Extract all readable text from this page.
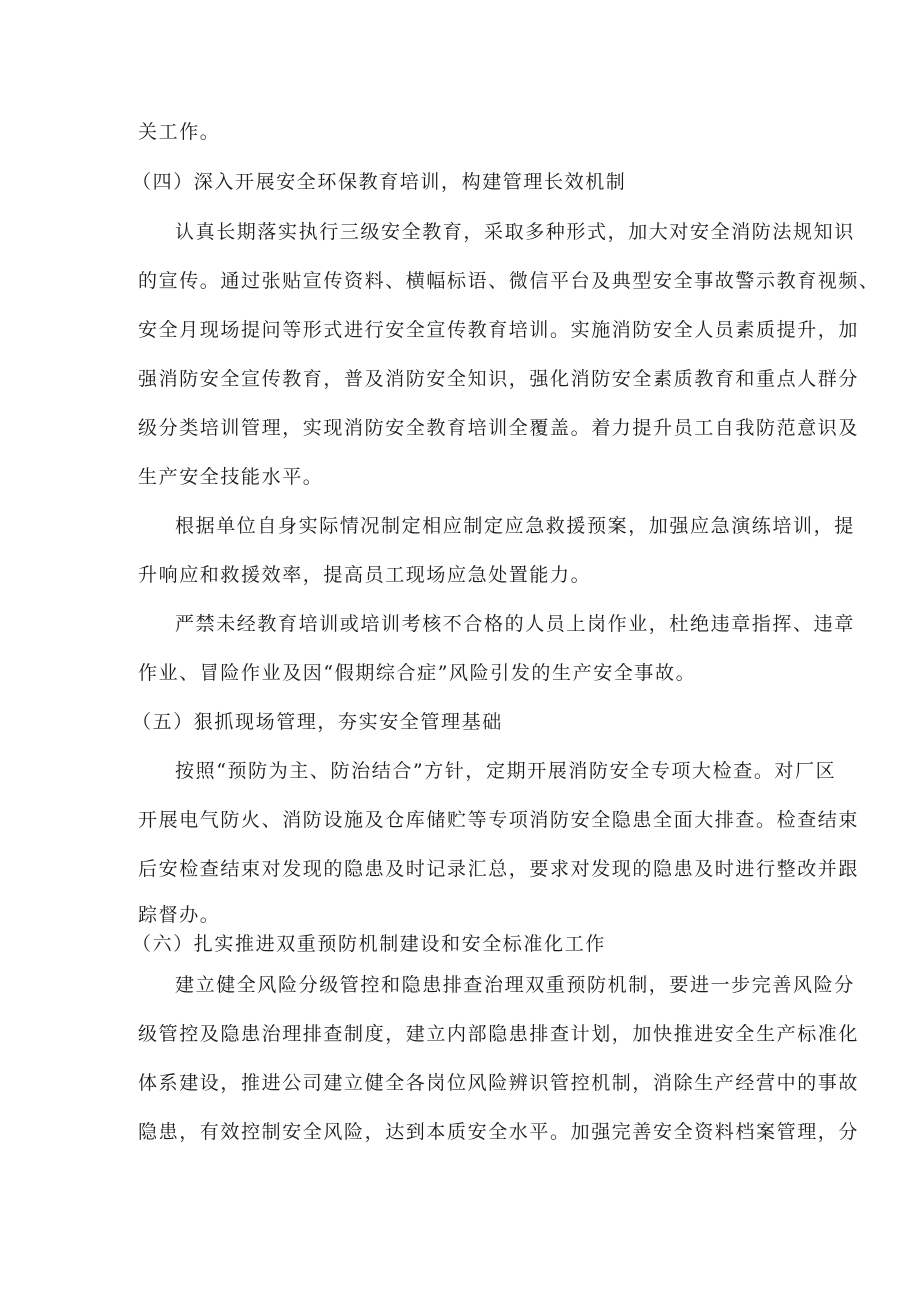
关工作。

（四）深入开展安全环保教育培训，构建管理长效机制

认真长期落实执行三级安全教育，采取多种形式，加大对安全消防法规知识

的宣传。通过张贴宣传资料、横幅标语、微信平台及典型安全事故警示教育视频、

安全月现场提问等形式进行安全宣传教育培训。实施消防安全人员素质提升，加

强消防安全宣传教育，普及消防安全知识，强化消防安全素质教育和重点人群分

级分类培训管理，实现消防安全教育培训全覆盖。着力提升员工自我防范意识及

生产安全技能水平。

根据单位自身实际情况制定相应制定应急救援预案，加强应急演练培训，提

升响应和救援效率，提高员工现场应急处置能力。

严禁未经教育培训或培训考核不合格的人员上岗作业，杜绝违章指挥、违章

作业、冒险作业及因“假期综合症”风险引发的生产安全事故。

（五）狠抓现场管理，夯实安全管理基础

按照“预防为主、防治结合”方针，定期开展消防安全专项大检查。对厂区

开展电气防火、消防设施及仓库储贮等专项消防安全隐患全面大排查。检查结束

后安检查结束对发现的隐患及时记录汇总，要求对发现的隐患及时进行整改并跟

踪督办。

（六）扎实推进双重预防机制建设和安全标准化工作

建立健全风险分级管控和隐患排查治理双重预防机制，要进一步完善风险分

级管控及隐患治理排查制度，建立内部隐患排查计划，加快推进安全生产标准化

体系建设，推进公司建立健全各岗位风险辨识管控机制，消除生产经营中的事故

隐患，有效控制安全风险，达到本质安全水平。加强完善安全资料档案管理，分
